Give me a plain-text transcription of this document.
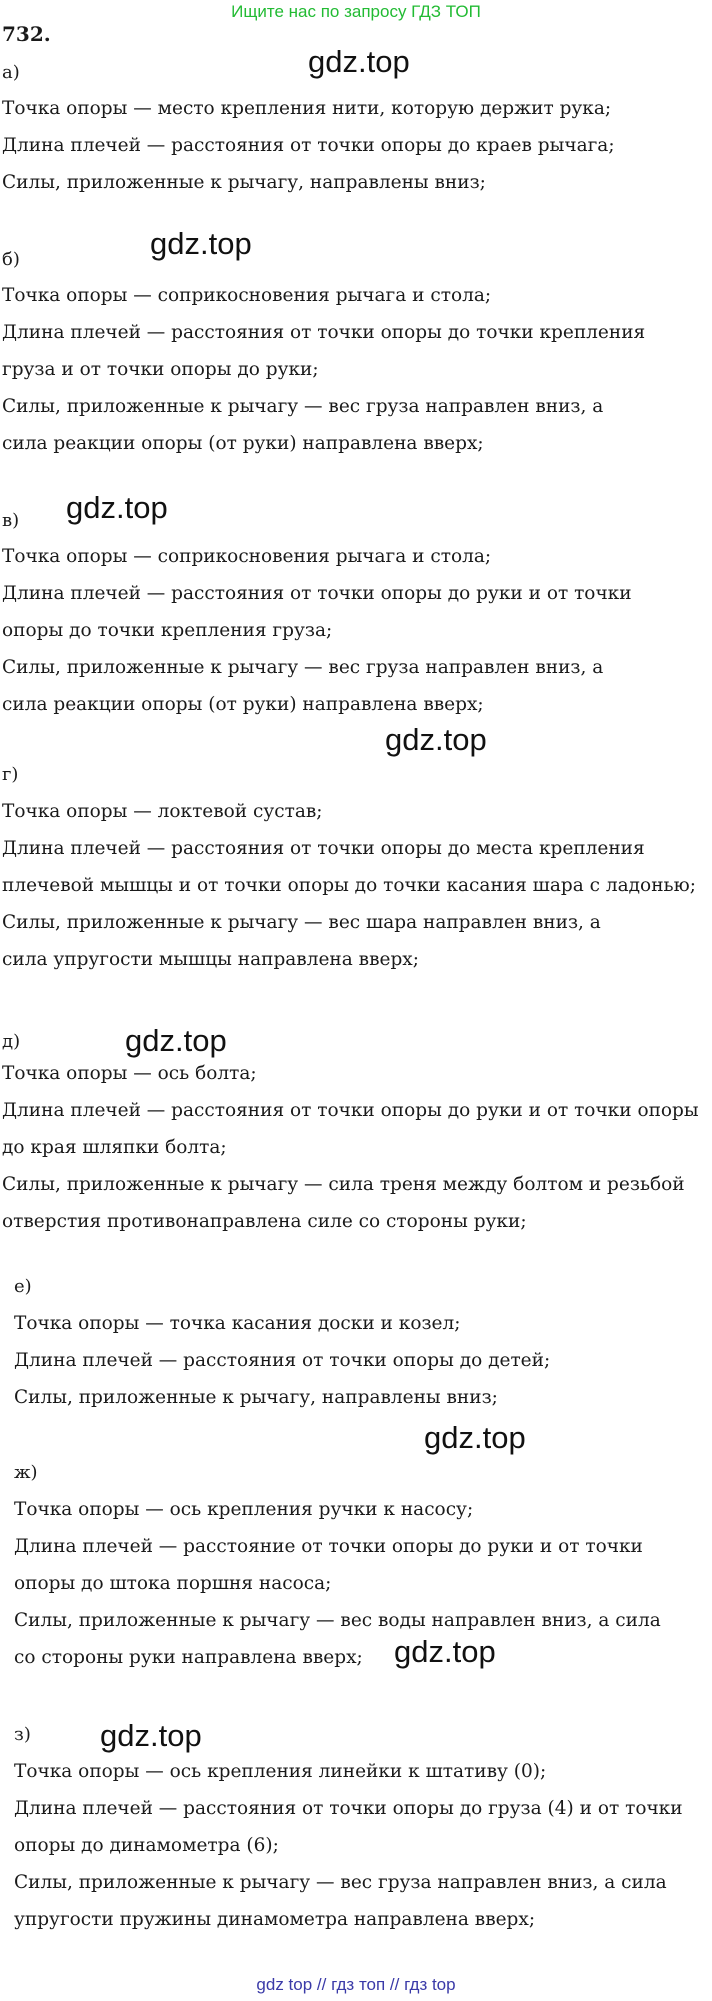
Ищите нас по запросу ГДЗ ТОП
732.
gdz.top
gdz.top
gdz.top
gdz.top
gdz.top
gdz.top
gdz.top
gdz.top
а)
Точка опоры — место крепления нити, которую держит рука;
Длина плечей — расстояния от точки опоры до краев рычага;
Силы, приложенные к рычагу, направлены вниз;
б)
Точка опоры — соприкосновения рычага и стола;
Длина плечей — расстояния от точки опоры до точки крепления
груза и от точки опоры до руки;
Силы, приложенные к рычагу — вес груза направлен вниз, а
сила реакции опоры (от руки) направлена вверх;
в)
Точка опоры — соприкосновения рычага и стола;
Длина плечей — расстояния от точки опоры до руки и от точки
опоры до точки крепления груза;
Силы, приложенные к рычагу — вес груза направлен вниз, а
сила реакции опоры (от руки) направлена вверх;
г)
Точка опоры — локтевой сустав;
Длина плечей — расстояния от точки опоры до места крепления
плечевой мышцы и от точки опоры до точки касания шара с ладонью;
Силы, приложенные к рычагу — вес шара направлен вниз, а
сила упругости мышцы направлена вверх;
д)
Точка опоры — ось болта;
Длина плечей — расстояния от точки опоры до руки и от точки опоры
до края шляпки болта;
Силы, приложенные к рычагу — сила треня между болтом и резьбой
отверстия противонаправлена силе со стороны руки;
е)
Точка опоры — точка касания доски и козел;
Длина плечей — расстояния от точки опоры до детей;
Силы, приложенные к рычагу, направлены вниз;
ж)
Точка опоры — ось крепления ручки к насосу;
Длина плечей — расстояние от точки опоры до руки и от точки
опоры до штока поршня насоса;
Силы, приложенные к рычагу — вес воды направлен вниз, а сила
со стороны руки направлена вверх;
з)
Точка опоры — ось крепления линейки к штативу (0);
Длина плечей — расстояния от точки опоры до груза (4) и от точки
опоры до динамометра (6);
Силы, приложенные к рычагу — вес груза направлен вниз, а сила
упругости пружины динамометра направлена вверх;
gdz top // гдз топ // гдз top
